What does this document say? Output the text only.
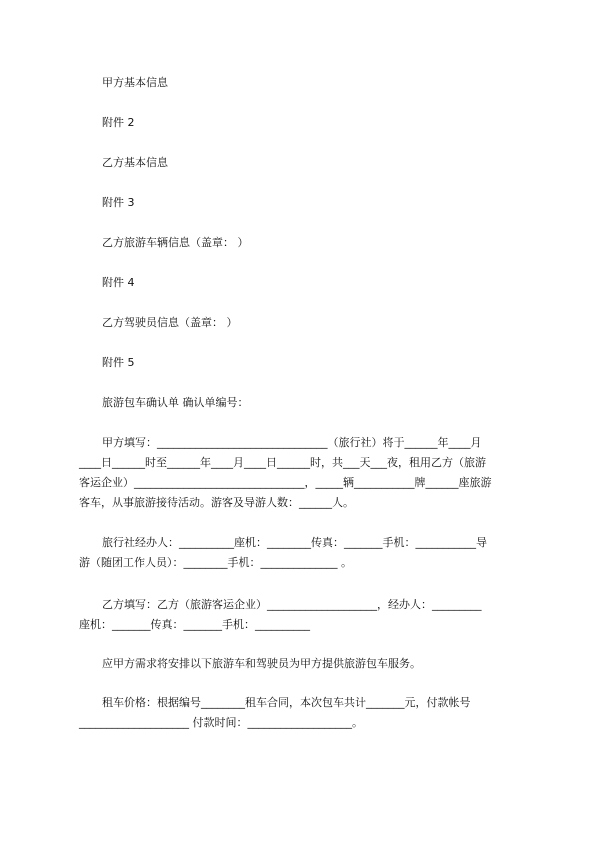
甲方基本信息
附件 2
乙方基本信息
附件 3
乙方旅游车辆信息（盖章： ）
附件 4
乙方驾驶员信息（盖章： ）
附件 5
旅游包车确认单 确认单编号：
甲方填写：_______________________________（旅行社）将于______年____月
____日______时至______年____月____日______时，共___天___夜，租用乙方（旅游
客运企业）_______________________________，_____辆___________牌______座旅游
客车，从事旅游接待活动。游客及导游人数：______人。
旅行社经办人：__________座机：________传真：_______手机：___________导
游（随团工作人员）：________手机：______________ 。
乙方填写：乙方（旅游客运企业）____________________，经办人：_________
座机：_______传真：_______手机：__________
应甲方需求将安排以下旅游车和驾驶员为甲方提供旅游包车服务。
租车价格：根据编号________租车合同，本次包车共计_______元，付款帐号
____________________ 付款时间：___________________。
